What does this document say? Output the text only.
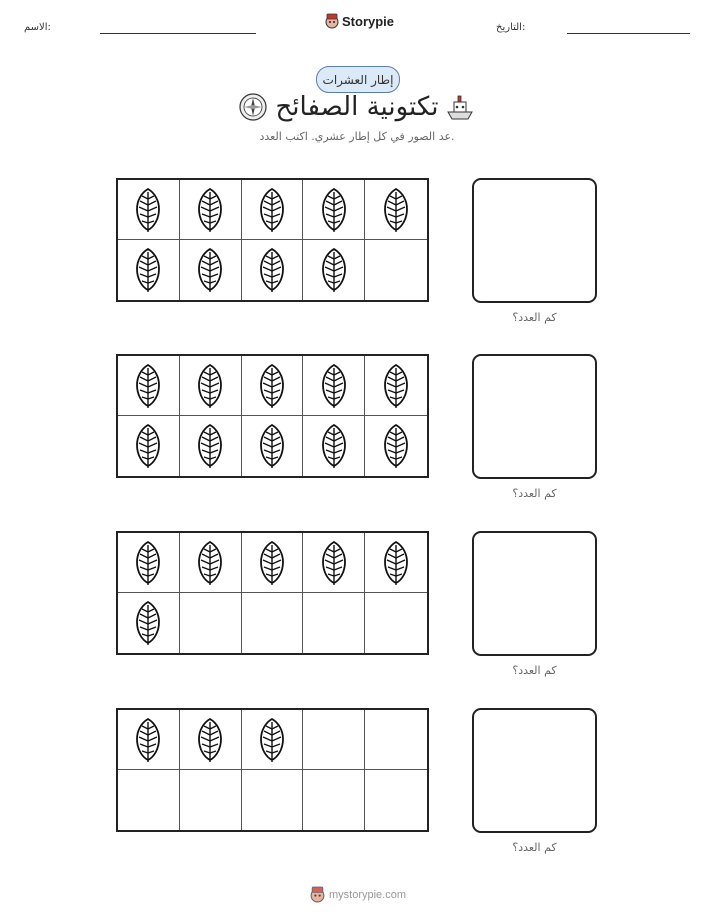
الاسم:	التاريخ:
Storypie
إطار العشرات
تكتونية الصفائح
عد الصور في كل إطار عشري. اكتب العدد.
كم العدد؟
كم العدد؟
كم العدد؟
كم العدد؟
mystorypie.com
